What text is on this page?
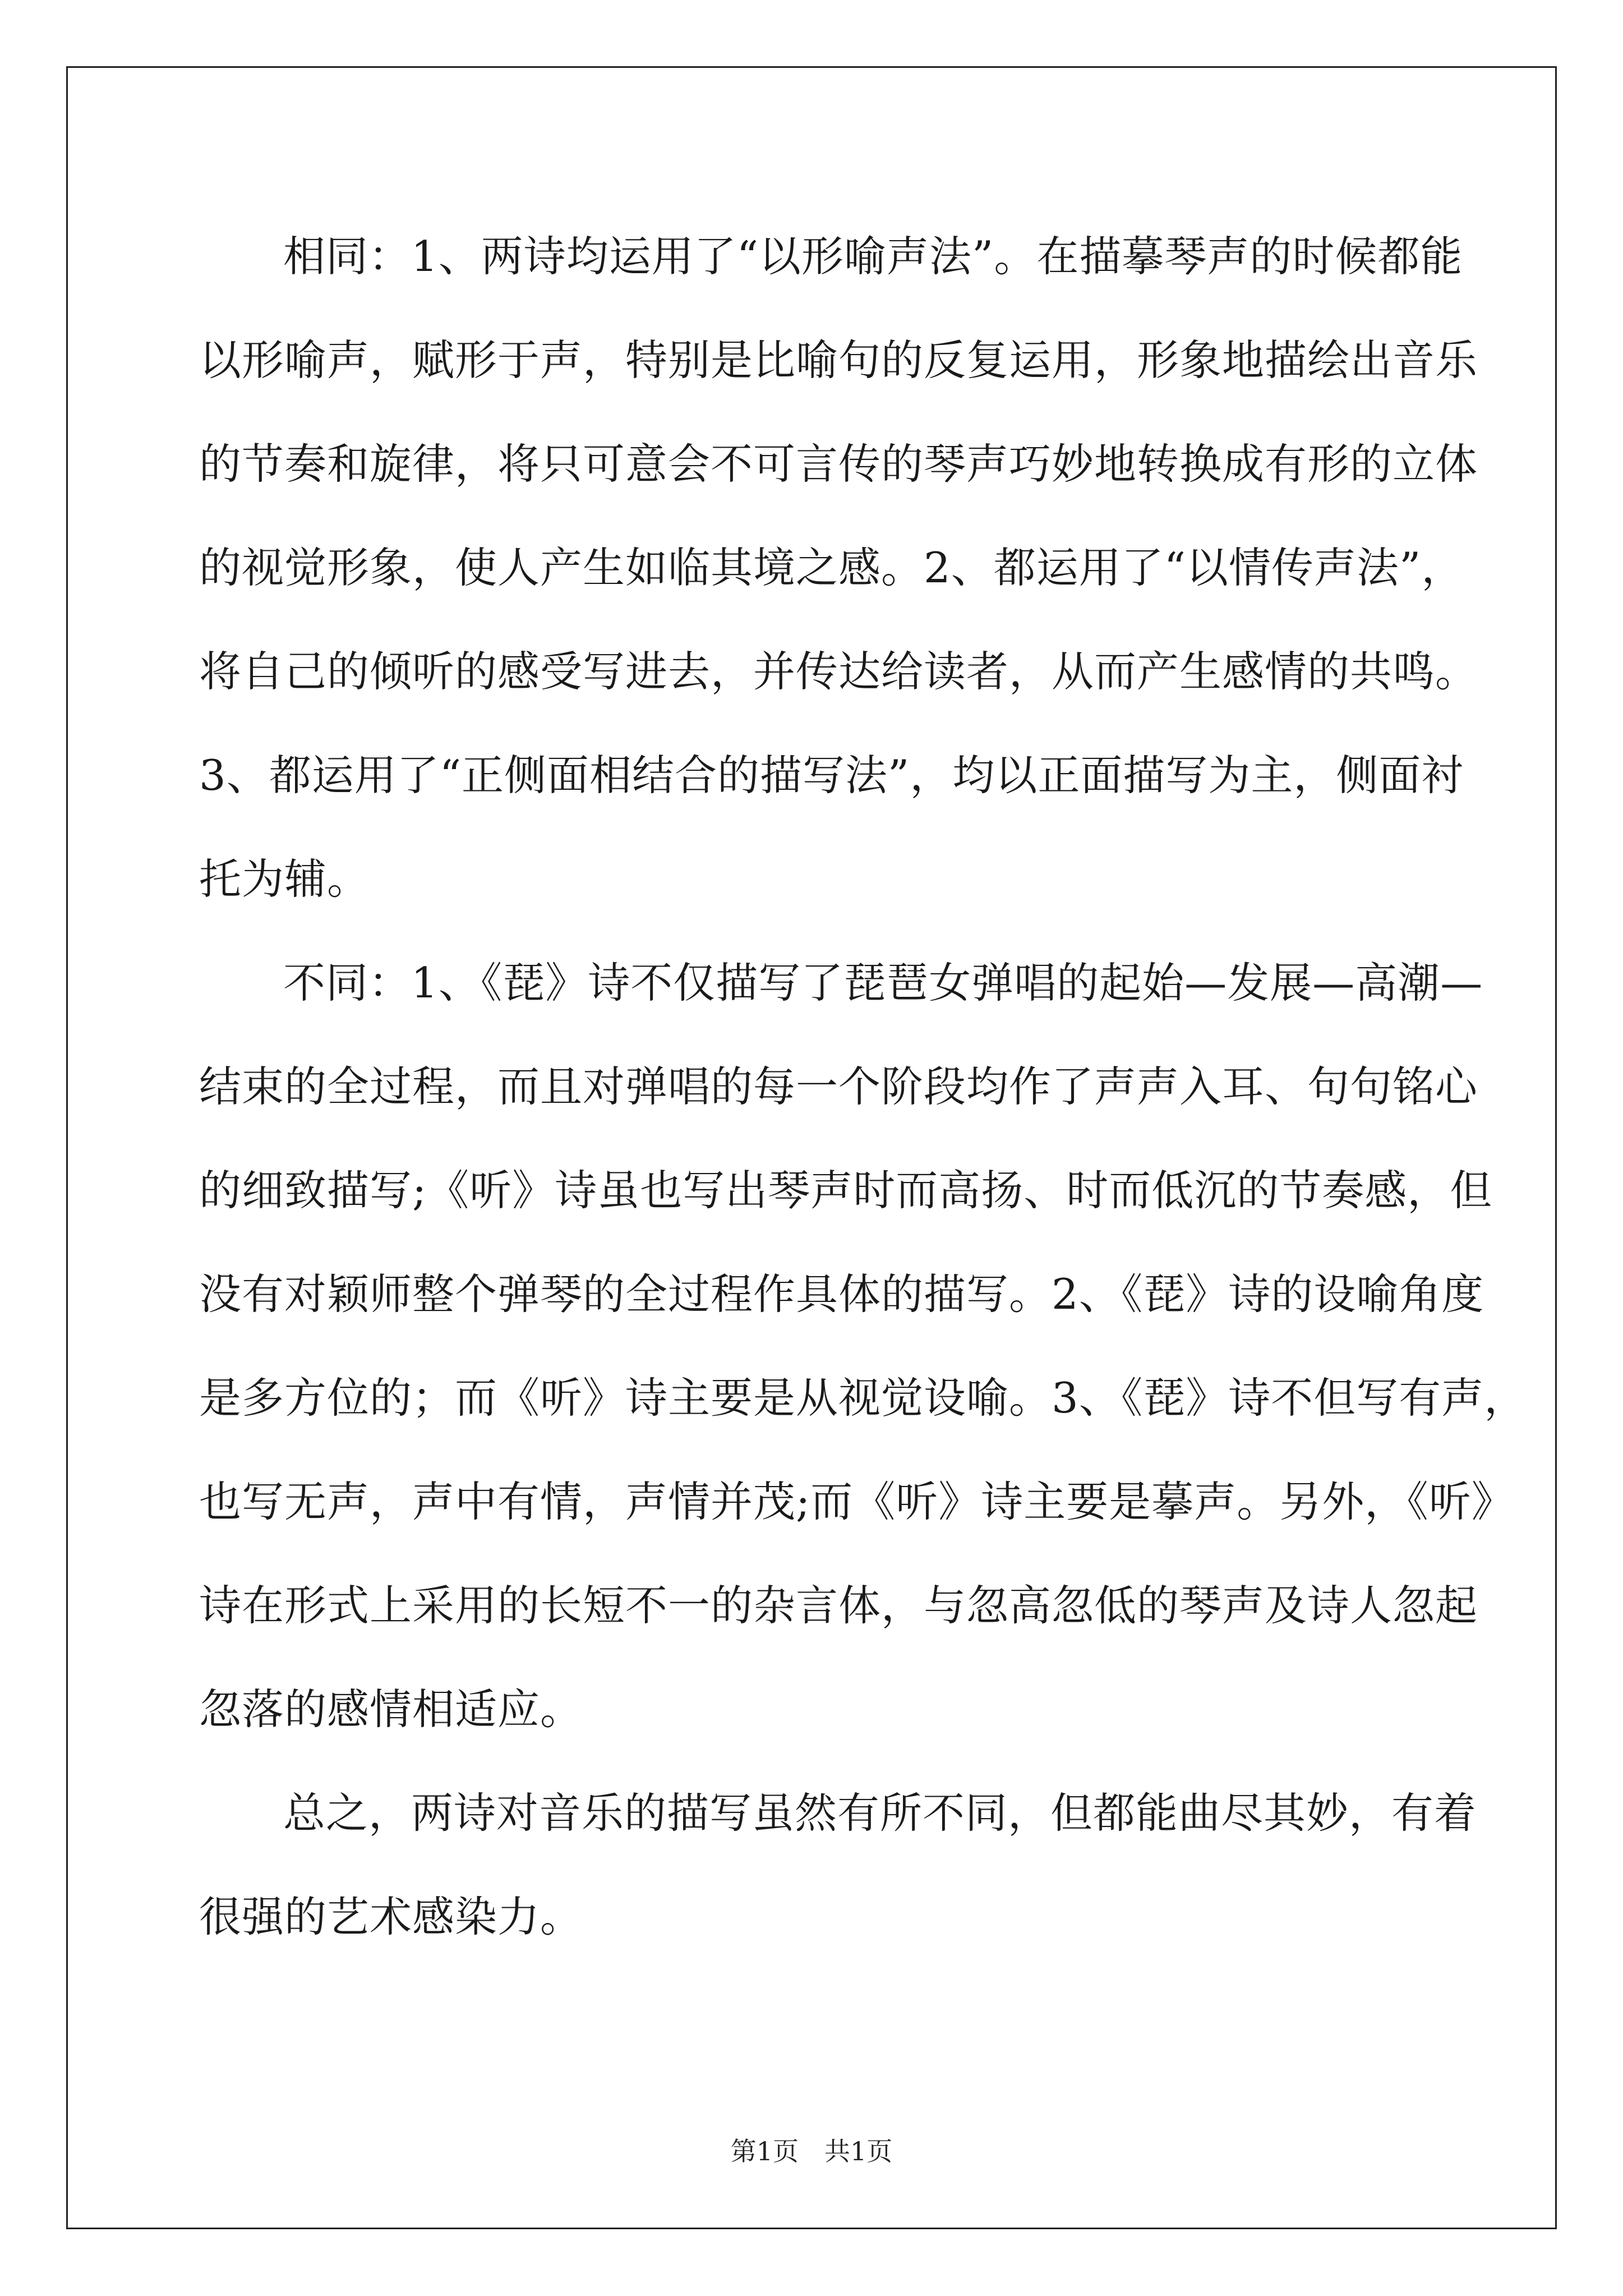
相同：1、两诗均运用了“以形喻声法”。在描摹琴声的时候都能
以形喻声，赋形于声，特别是比喻句的反复运用，形象地描绘出音乐
的节奏和旋律，将只可意会不可言传的琴声巧妙地转换成有形的立体
的视觉形象，使人产生如临其境之感。2、都运用了“以情传声法”，
将自己的倾听的感受写进去，并传达给读者，从而产生感情的共鸣。
3、都运用了“正侧面相结合的描写法”，均以正面描写为主，侧面衬
托为辅。
不同：1、《琵》诗不仅描写了琵琶女弹唱的起始—发展—高潮—
结束的全过程，而且对弹唱的每一个阶段均作了声声入耳、句句铭心
的细致描写;《听》诗虽也写出琴声时而高扬、时而低沉的节奏感，但
没有对颖师整个弹琴的全过程作具体的描写。2、《琵》诗的设喻角度
是多方位的；而《听》诗主要是从视觉设喻。3、《琵》诗不但写有声，
也写无声，声中有情，声情并茂;而《听》诗主要是摹声。另外，《听》
诗在形式上采用的长短不一的杂言体，与忽高忽低的琴声及诗人忽起
忽落的感情相适应。
总之，两诗对音乐的描写虽然有所不同，但都能曲尽其妙，有着
很强的艺术感染力。
第1页　共1页
